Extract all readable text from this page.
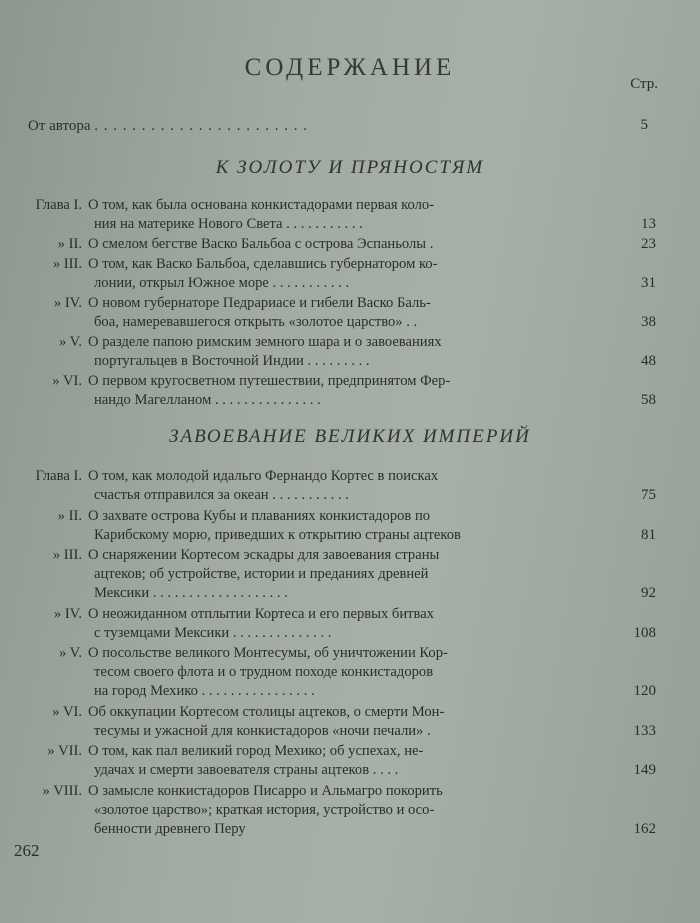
СОДЕРЖАНИЕ
Стр.
От автора . . . . . . . . . . . . . . . . . . . . . . .	5
К ЗОЛОТУ И ПРЯНОСТЯМ
Глава I. О том, как была основана конкистадорами первая коло-
ния на материке Нового Света . . . . . . . . . . .	13
» II. О смелом бегстве Васко Бальбоа с острова Эспаньолы .	23
» III. О том, как Васко Бальбоа, сделавшись губернатором ко-
лонии, открыл Южное море . . . . . . . . . . .	31
» IV. О новом губернаторе Педрариасе и гибели Васко Баль-
боа, намеревавшегося открыть «золотое царство» . .	38
» V. О разделе папою римским земного шара и о завоеваниях
португальцев в Восточной Индии . . . . . . . . .	48
» VI. О первом кругосветном путешествии, предпринятом Фер-
нандо Магелланом . . . . . . . . . . . . . . .	58
ЗАВОЕВАНИЕ ВЕЛИКИХ ИМПЕРИЙ
Глава I. О том, как молодой идальго Фернандо Кортес в поисках
счастья отправился за океан . . . . . . . . . . .	75
» II. О захвате острова Кубы и плаваниях конкистадоров по
Карибскому морю, приведших к открытию страны ацтеков	81
» III. О снаряжении Кортесом эскадры для завоевания страны
ацтеков; об устройстве, истории и преданиях древней
Мексики . . . . . . . . . . . . . . . . . . .	92
» IV. О неожиданном отплытии Кортеса и его первых битвах
с туземцами Мексики . . . . . . . . . . . . . .	108
» V. О посольстве великого Монтесумы, об уничтожении Кор-
тесом своего флота и о трудном походе конкистадоров
на город Мехико . . . . . . . . . . . . . . . .	120
» VI. Об оккупации Кортесом столицы ацтеков, о смерти Мон-
тесумы и ужасной для конкистадоров «ночи печали» .	133
» VII. О том, как пал великий город Мехико; об успехах, не-
удачах и смерти завоевателя страны ацтеков . . . .	149
» VIII. О замысле конкистадоров Писарро и Альмагро покорить
«золотое царство»; краткая история, устройство и осо-
бенности древнего Перу	162
262
